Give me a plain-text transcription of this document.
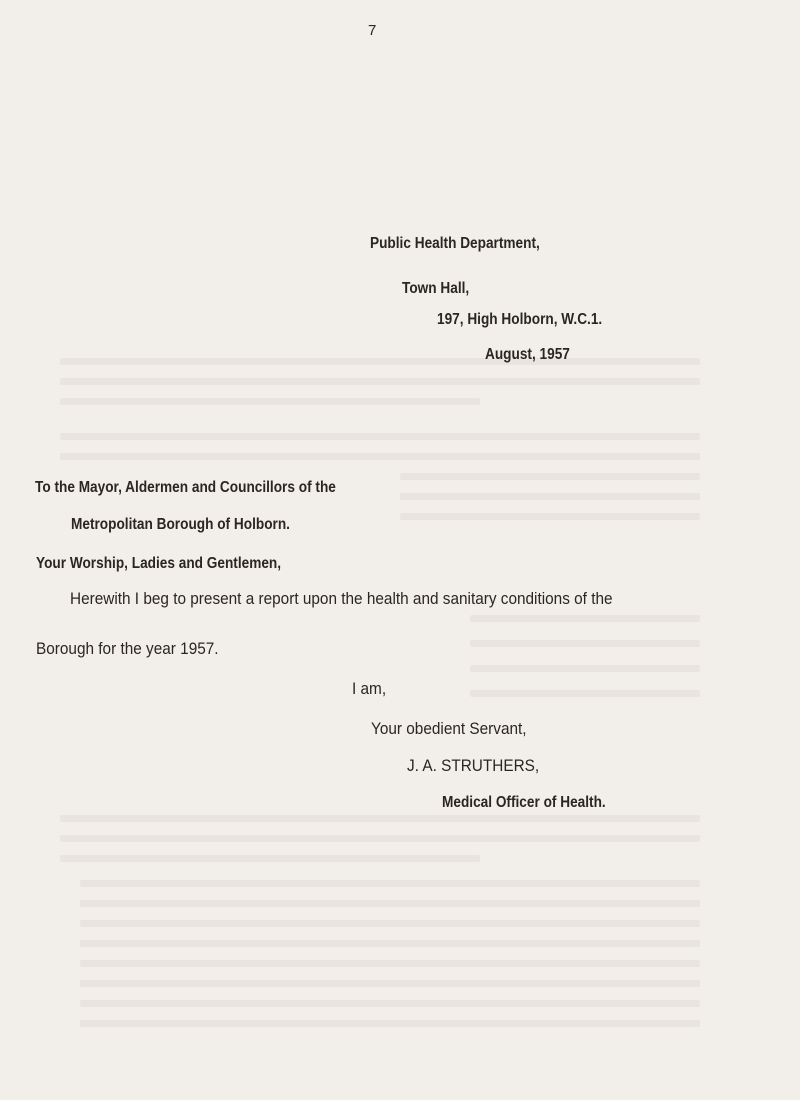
7

Public Health Department,

Town Hall,

197, High Holborn, W.C.1.

August, 1957

To the Mayor, Aldermen and Councillors of the

Metropolitan Borough of Holborn.

Your Worship, Ladies and Gentlemen,

Herewith I beg to present a report upon the health and sanitary conditions of the

Borough for the year 1957.

I am,

Your obedient Servant,

J. A. STRUTHERS,

Medical Officer of Health.
